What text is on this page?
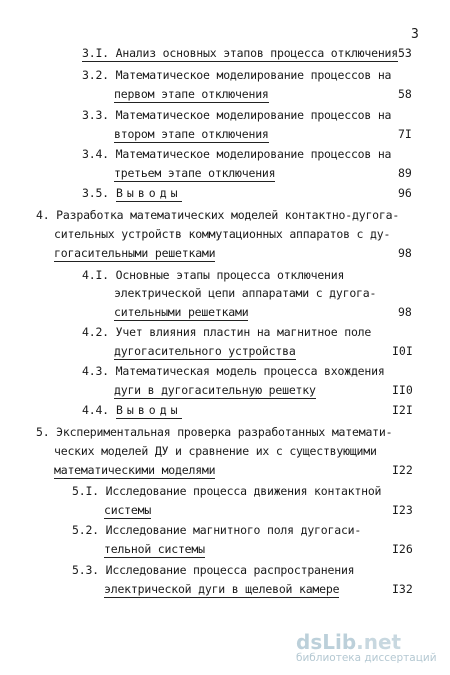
3
3.I. Анализ основных этапов процесса отключения 53
3.2. Математическое моделирование процессов на
первом этапе отключения	58
3.3. Математическое моделирование процессов на
втором этапе отключения	7I
3.4. Математическое моделирование процессов на
третьем этапе отключения	89
3.5. Выводы	96
4. Разработка математических моделей контактно-дугога-
сительных устройств коммутационных аппаратов с ду-
гогасительными решетками	98
4.I. Основные этапы процесса отключения
электрической цепи аппаратами с дугога-
сительными решетками	98
4.2. Учет влияния пластин на магнитное поле
дугогасительного устройства	I0I
4.3. Математическая модель процесса вхождения
дуги в дугогасительную решетку	II0
4.4. Выводы	I2I
5. Экспериментальная проверка разработанных математи-
ческих моделей ДУ и сравнение их с существующими
математическими моделями	I22
5.I. Исследование процесса движения контактной
системы	I23
5.2. Исследование магнитного поля дугогаси-
тельной системы	I26
5.3. Исследование процесса распространения
электрической дуги в щелевой камере	I32
dsLib.net
библиотека диссертаций
